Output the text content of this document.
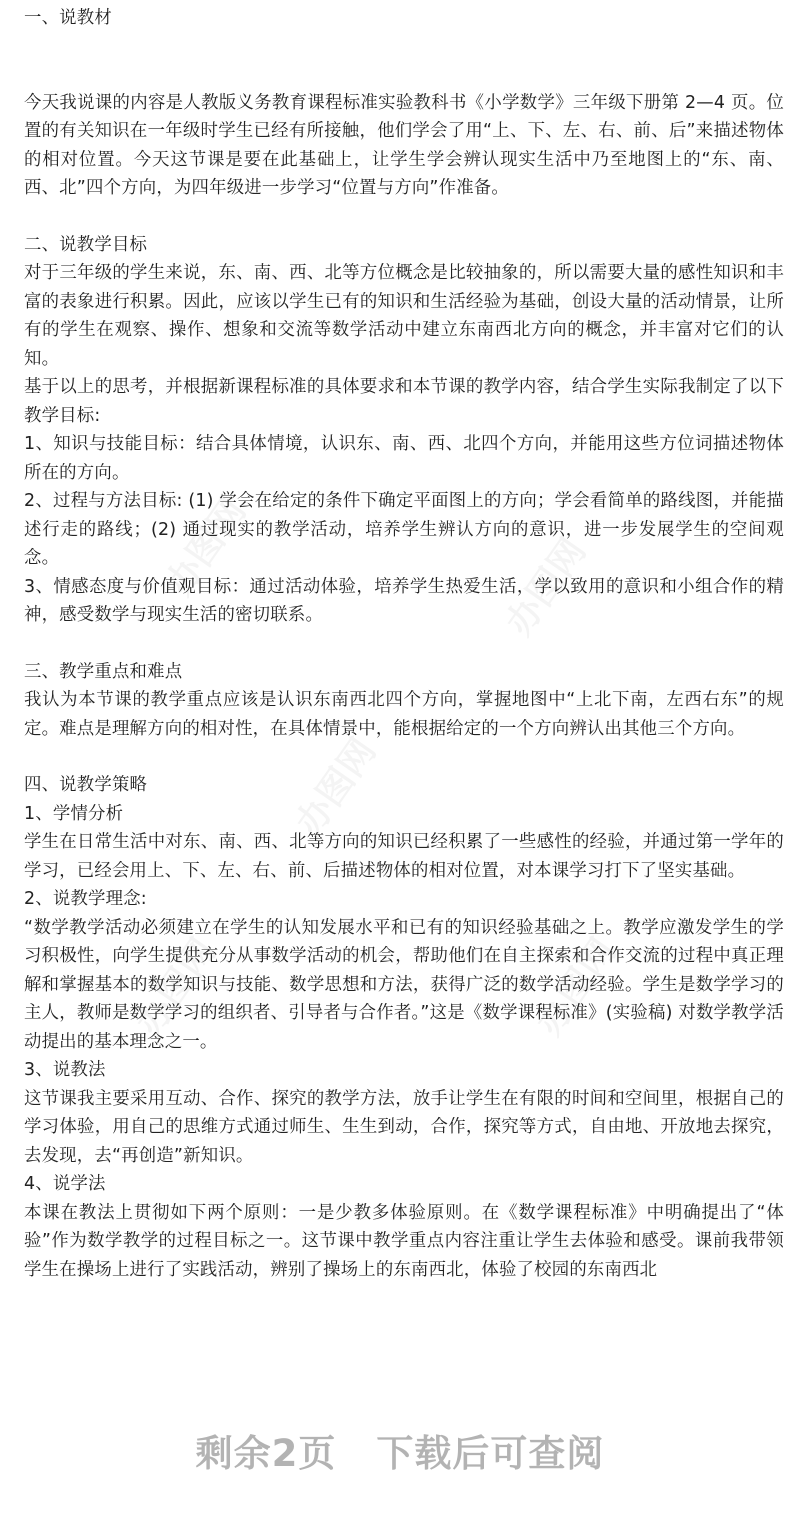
一、说教材

今天我说课的内容是人教版义务教育课程标准实验教科书《小学数学》三年级下册第 2—4 页。位置的有关知识在一年级时学生已经有所接触，他们学会了用“上、下、左、右、前、后”来描述物体的相对位置。今天这节课是要在此基础上，让学生学会辨认现实生活中乃至地图上的“东、南、西、北”四个方向，为四年级进一步学习“位置与方向”作准备。

二、说教学目标

对于三年级的学生来说，东、南、西、北等方位概念是比较抽象的，所以需要大量的感性知识和丰富的表象进行积累。因此，应该以学生已有的知识和生活经验为基础，创设大量的活动情景，让所有的学生在观察、操作、想象和交流等数学活动中建立东南西北方向的概念，并丰富对它们的认知。

基于以上的思考，并根据新课程标准的具体要求和本节课的教学内容，结合学生实际我制定了以下教学目标:

1、知识与技能目标：结合具体情境，认识东、南、西、北四个方向，并能用这些方位词描述物体所在的方向。

2、过程与方法目标: (1) 学会在给定的条件下确定平面图上的方向；学会看简单的路线图，并能描述行走的路线；(2) 通过现实的教学活动，培养学生辨认方向的意识，进一步发展学生的空间观念。

3、情感态度与价值观目标：通过活动体验，培养学生热爱生活，学以致用的意识和小组合作的精神，感受数学与现实生活的密切联系。

三、教学重点和难点

我认为本节课的教学重点应该是认识东南西北四个方向，掌握地图中“上北下南，左西右东”的规定。难点是理解方向的相对性，在具体情景中，能根据给定的一个方向辨认出其他三个方向。

四、说教学策略

1、学情分析

学生在日常生活中对东、南、西、北等方向的知识已经积累了一些感性的经验，并通过第一学年的学习，已经会用上、下、左、右、前、后描述物体的相对位置，对本课学习打下了坚实基础。

2、说教学理念:

“数学教学活动必须建立在学生的认知发展水平和已有的知识经验基础之上。教学应激发学生的学习积极性，向学生提供充分从事数学活动的机会，帮助他们在自主探索和合作交流的过程中真正理解和掌握基本的数学知识与技能、数学思想和方法，获得广泛的数学活动经验。学生是数学学习的主人，教师是数学学习的组织者、引导者与合作者。”这是《数学课程标准》(实验稿) 对数学教学活动提出的基本理念之一。

3、说教法

这节课我主要采用互动、合作、探究的教学方法，放手让学生在有限的时间和空间里，根据自己的学习体验，用自己的思维方式通过师生、生生到动，合作，探究等方式，自由地、开放地去探究，去发现，去“再创造”新知识。

4、说学法

本课在教法上贯彻如下两个原则：一是少教多体验原则。在《数学课程标准》中明确提出了“体验”作为数学教学的过程目标之一。这节课中教学重点内容注重让学生去体验和感受。课前我带领学生在操场上进行了实践活动，辨别了操场上的东南西北，体验了校园的东南西北

剩余2页 下载后可查阅
